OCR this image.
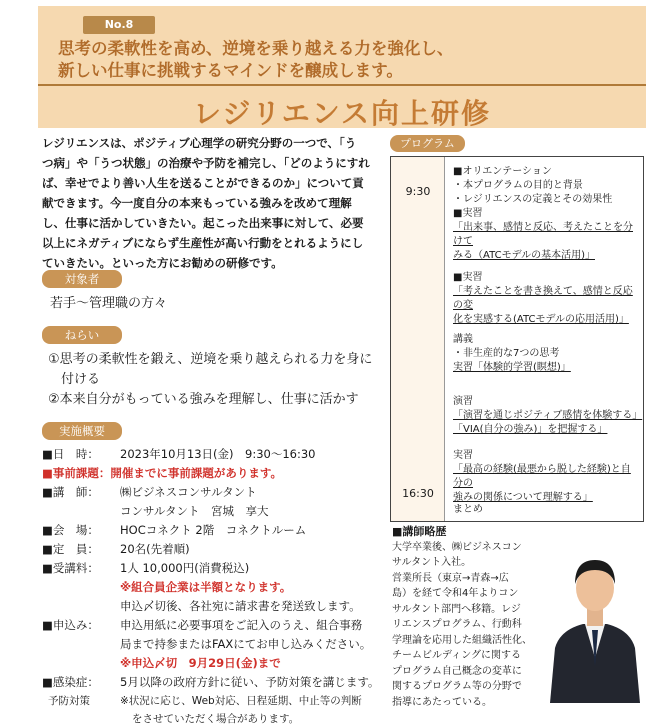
No.8
思考の柔軟性を高め、逆境を乗り越える力を強化し、
新しい仕事に挑戦するマインドを醸成します。
レジリエンス向上研修
レジリエンスは、ポジティブ心理学の研究分野の一つで、「う
つ病」や「うつ状態」の治療や予防を補完し、「どのようにすれ
ば、幸せでより善い人生を送ることができるのか」について貢
献できます。今一度自分の本来もっている強みを改めて理解
し、仕事に活かしていきたい。起こった出来事に対して、必要
以上にネガティブにならず生産性が高い行動をとれるようにし
ていきたい。といった方にお勧めの研修です。
対象者
若手～管理職の方々
ねらい
①思考の柔軟性を鍛え、逆境を乗り越えられる力を身に
　付ける
②本来自分がもっている強みを理解し、仕事に活かす
実施概要
■日　時： 2023年10月13日(金)　9:30～16:30
■事前課題：開催までに事前課題があります。
■講　師： ㈱ビジネスコンサルタント
コンサルタント　宮城　享大
■会　場： HOCコネクト 2階　コネクトルーム
■定　員： 20名(先着順)
■受講料： 1人 10,000円(消費税込)
※組合員企業は半額となります。
申込〆切後、各社宛に請求書を発送致します。
■申込み： 申込用紙に必要事項をご記入のうえ、組合事務
局まで持参またはFAXにてお申し込みください。
※申込〆切　9月29日(金)まで
■感染症： 5月以降の政府方針に従い、予防対策を講じます。
予防対策	※状況に応じ、Web対応、日程延期、中止等の判断
をさせていただく場合があります。
プログラム
9:30
16:30
■オリエンテーション
・本プログラムの目的と背景
・レジリエンスの定義とその効果性
■実習
「出来事、感情と反応、考えたことを分けて
みる（ATCモデルの基本活用)」
■実習
「考えたことを書き換えて、感情と反応の変
化を実感する(ATCモデルの応用活用)」
講義
・非生産的な7つの思考
実習「体験的学習(瞑想)」
演習
「演習を通じポジティブ感情を体験する」
「VIA(自分の強み)」を把握する」
実習
「最高の経験(最悪から脱した経験)と自分の
強みの関係について理解する」
まとめ
■講師略歴
大学卒業後、㈱ビジネスコン
サルタント入社。
営業所長（東京→青森→広
島）を経て令和4年よりコン
サルタント部門へ移籍。レジ
リエンスプログラム、行動科
学理論を応用した組織活性化、
チームビルディングに関する
プログラム自己概念の変革に
関するプログラム等の分野で
指導にあたっている。
